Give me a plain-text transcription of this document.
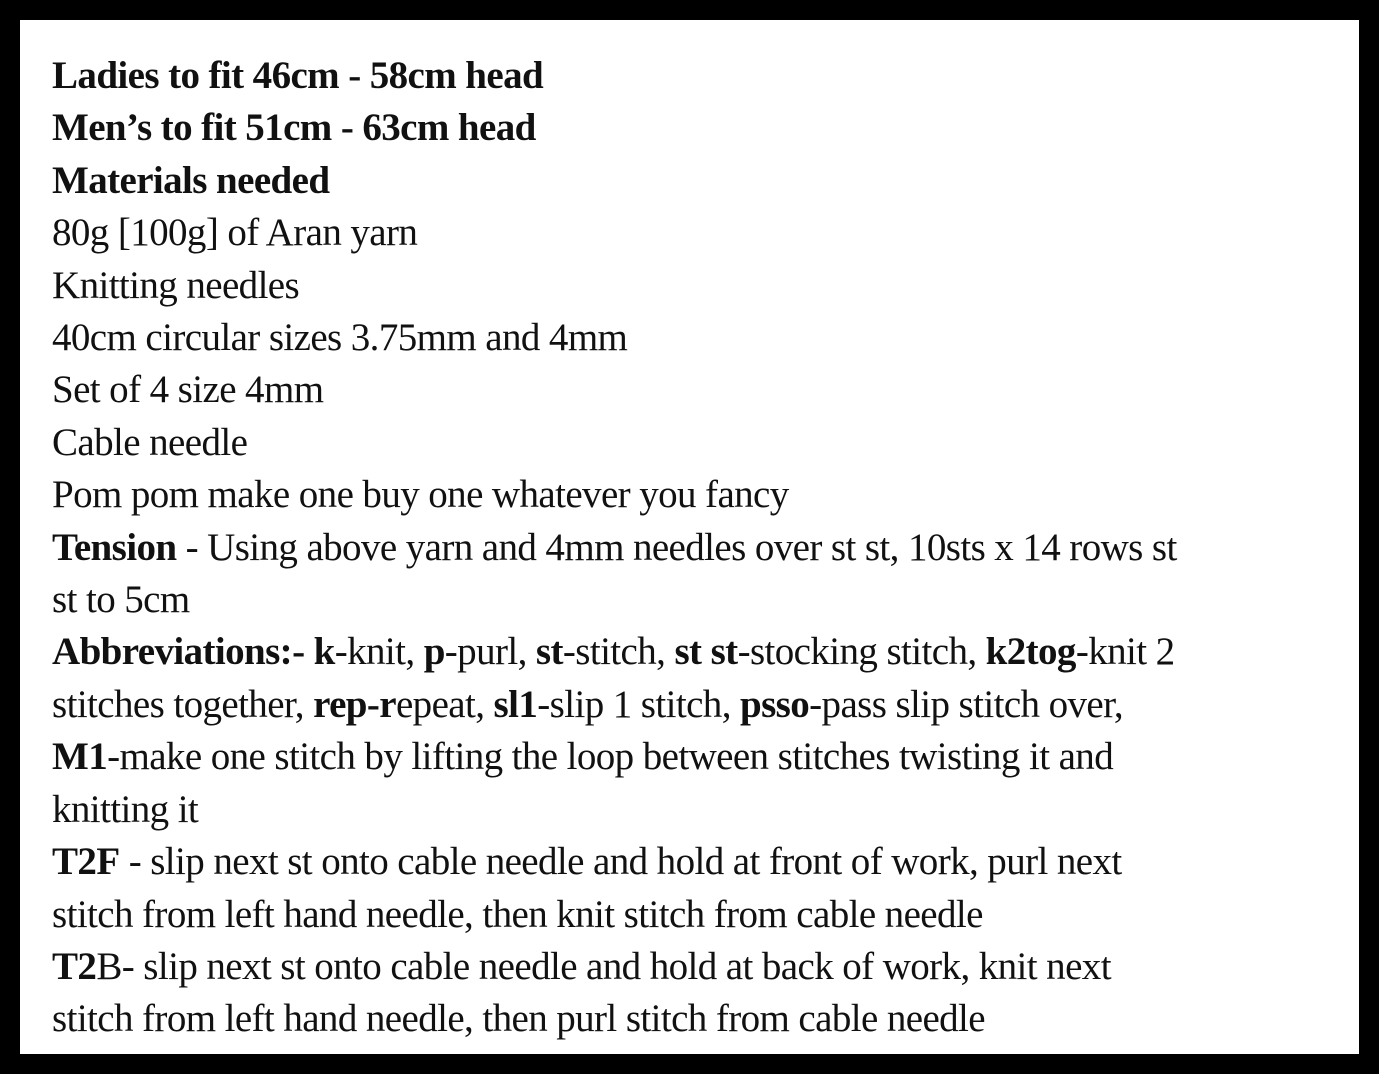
Ladies to fit 46cm - 58cm head
Men’s to fit 51cm - 63cm head
Materials needed
80g [100g] of Aran yarn
Knitting needles
40cm circular sizes 3.75mm and 4mm
Set of 4 size 4mm
Cable needle
Pom pom make one buy one whatever you fancy
Tension - Using above yarn and 4mm needles over st st, 10sts x 14 rows st
st to 5cm
Abbreviations:- k-knit, p-purl, st-stitch, st st-stocking stitch, k2tog-knit 2
stitches together, rep-repeat, sl1-slip 1 stitch, psso-pass slip stitch over,
M1-make one stitch by lifting the loop between stitches twisting it and
knitting it
T2F - slip next st onto cable needle and hold at front of work, purl next
stitch from left hand needle, then knit stitch from cable needle
T2B- slip next st onto cable needle and hold at back of work, knit next
stitch from left hand needle, then purl stitch from cable needle
